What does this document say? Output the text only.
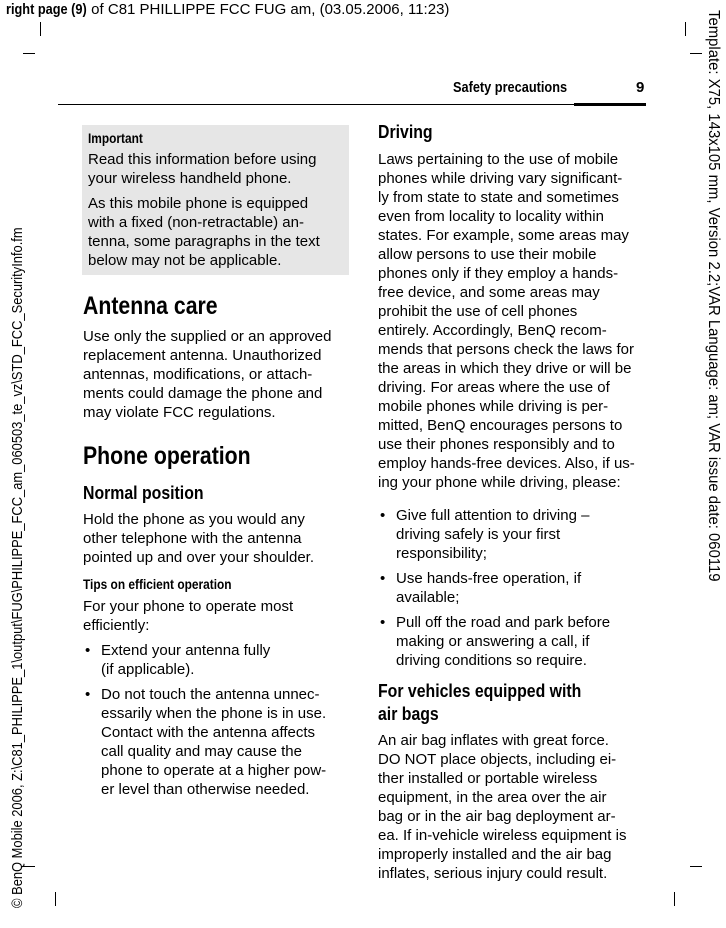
right page (9) of C81 PHILLIPPE FCC FUG am, (03.05.2006, 11:23)
Safety precautions	9
© BenQ Mobile 2006, Z:\C81_PHILIPPE_1\output\FUG\PHILIPPE_FCC_am_060503_te_vz\STD_FCC_SecurityInfo.fm	Template: X75, 143x105 mm, Version 2.2;VAR Language: am; VAR issue date: 060119
Important
Read this information before using
your wireless handheld phone.
As this mobile phone is equipped
with a fixed (non-retractable) an-
tenna, some paragraphs in the text
below may not be applicable.
Antenna care
Use only the supplied or an approved
replacement antenna. Unauthorized
antennas, modifications, or attach-
ments could damage the phone and
may violate FCC regulations.
Phone operation
Normal position
Hold the phone as you would any
other telephone with the antenna
pointed up and over your shoulder.
Tips on efficient operation
For your phone to operate most
efficiently:
• Extend your antenna fully
(if applicable).
• Do not touch the antenna unnec-
essarily when the phone is in use.
Contact with the antenna affects
call quality and may cause the
phone to operate at a higher pow-
er level than otherwise needed.
Driving
Laws pertaining to the use of mobile
phones while driving vary significant-
ly from state to state and sometimes
even from locality to locality within
states. For example, some areas may
allow persons to use their mobile
phones only if they employ a hands-
free device, and some areas may
prohibit the use of cell phones
entirely. Accordingly, BenQ recom-
mends that persons check the laws for
the areas in which they drive or will be
driving. For areas where the use of
mobile phones while driving is per-
mitted, BenQ encourages persons to
use their phones responsibly and to
employ hands-free devices. Also, if us-
ing your phone while driving, please:
• Give full attention to driving –
driving safely is your first
responsibility;
• Use hands-free operation, if
available;
• Pull off the road and park before
making or answering a call, if
driving conditions so require.
For vehicles equipped with
air bags
An air bag inflates with great force.
DO NOT place objects, including ei-
ther installed or portable wireless
equipment, in the area over the air
bag or in the air bag deployment ar-
ea. If in-vehicle wireless equipment is
improperly installed and the air bag
inflates, serious injury could result.
